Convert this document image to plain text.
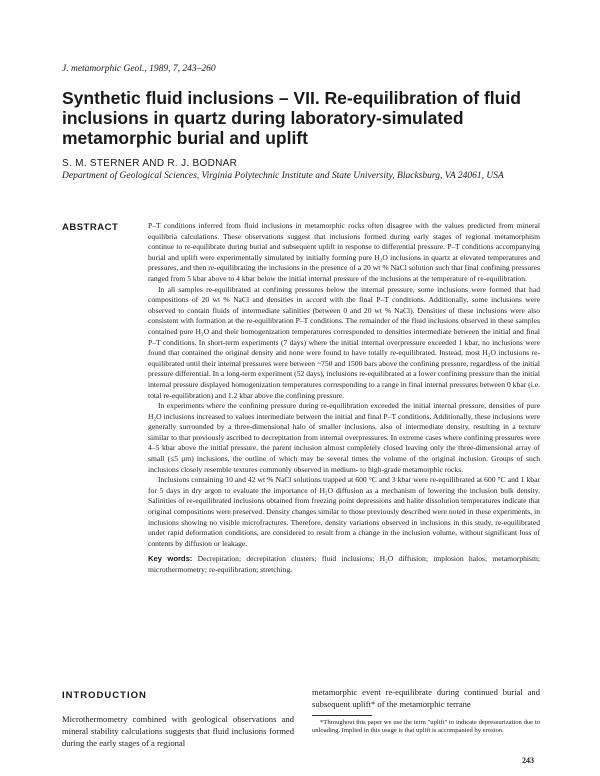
J. metamorphic Geol., 1989, 7, 243–260
Synthetic fluid inclusions – VII. Re-equilibration of fluid inclusions in quartz during laboratory-simulated metamorphic burial and uplift
S. M. STERNER AND R. J. BODNAR
Department of Geological Sciences, Virginia Polytechnic Institute and State University, Blacksburg, VA 24061, USA
ABSTRACT	P–T conditions inferred from fluid inclusions in metamorphic rocks often disagree with the values predicted from mineral equilibria calculations. These observations suggest that inclusions formed during early stages of regional metamorphism continue to re-equilibrate during burial and subsequent uplift in response to differential pressure. P–T conditions accompanying burial and uplift were experimentally simulated by initially forming pure H₂O inclusions in quartz at elevated temperatures and pressures, and then re-equilibrating the inclusions in the presence of a 20 wt % NaCl solution such that final confining pressures ranged from 5 kbar above to 4 kbar below the initial internal pressure of the inclusions at the temperature of re-equilibration.

In all samples re-equilibrated at confining pressures below the internal pressure, some inclusions were formed that had compositions of 20 wt % NaCl and densities in accord with the final P–T conditions. Additionally, some inclusions were observed to contain fluids of intermediate salinities (between 0 and 20 wt % NaCl). Densities of these inclusions were also consistent with formation at the re-equilibration P–T conditions. The remainder of the fluid inclusions observed in these samples contained pure H₂O and their homogenization temperatures corresponded to densities intermediate between the initial and final P–T conditions. In short-term experiments (7 days) where the initial internal overpressure exceeded 1 kbar, no inclusions were found that contained the original density and none were found to have totally re-equilibrated. Instead, most H₂O inclusions re-equilibrated until their internal pressures were between ~750 and 1500 bars above the confining pressure, regardless of the initial pressure differential. In a long-term experiment (52 days), inclusions re-equilibrated at a lower confining pressure than the initial internal pressure displayed homogenization temperatures corresponding to a range in final internal pressures between 0 kbar (i.e. total re-equilibration) and 1.2 kbar above the confining pressure.

In experiments where the confining pressure during re-equilibration exceeded the initial internal pressure, densities of pure H₂O inclusions increased to values intermediate between the initial and final P–T conditions. Additionally, these inclusions were generally surrounded by a three-dimensional halo of smaller inclusions, also of intermediate density, resulting in a texture similar to that previously ascribed to decrepitation from internal overpressures. In extreme cases where confining pressures were 4–5 kbar above the initial pressure, the parent inclusion almost completely closed leaving only the three-dimensional array of small (≤5 μm) inclusions, the outline of which may be several times the volume of the original inclusion. Groups of such inclusions closely resemble textures commonly observed in medium- to high-grade metamorphic rocks.

Inclusions containing 10 and 42 wt % NaCl solutions trapped at 600 °C and 3 kbar were re-equilibrated at 600 °C and 1 kbar for 5 days in dry argon to evaluate the importance of H₂O diffusion as a mechanism of lowering the inclusion bulk density. Salinities of re-equilibrated inclusions obtained from freezing point depressions and halite dissolution temperatures indicate that original compositions were preserved. Density changes similar to those previously described were noted in these experiments, in inclusions showing no visible microfractures. Therefore, density variations observed in inclusions in this study, re-equilibrated under rapid deformation conditions, are considered to result from a change in the inclusion volume, without significant loss of contents by diffusion or leakage.

Key words: Decrepitation; decrepitation clusters; fluid inclusions; H₂O diffusion; implosion halos; metamorphism; microthermometry; re-equilibration; stretching.

INTRODUCTION
Microthermometry combined with geological observations and mineral stability calculations suggests that fluid inclusions formed during the early stages of a regional
metamorphic event re-equilibrate during continued burial and subsequent uplift* of the metamorphic terrane
*Throughout this paper we use the term "uplift" to indicate depressurization due to unloading. Implied in this usage is that uplift is accompanied by erosion.
243
